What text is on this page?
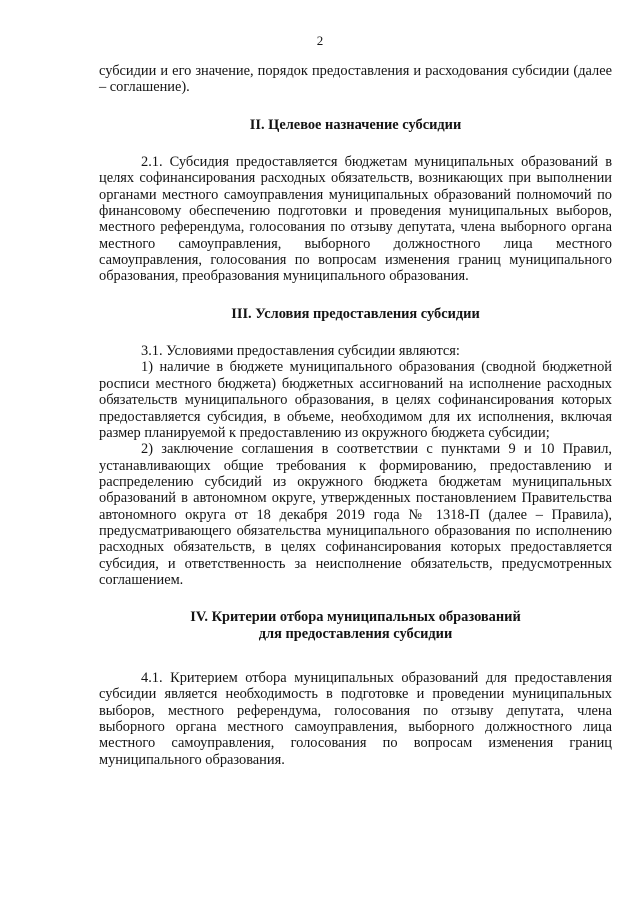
2

субсидии и его значение, порядок предоставления и расходования субсидии (далее – соглашение).

II. Целевое назначение субсидии

2.1. Субсидия предоставляется бюджетам муниципальных образований в целях софинансирования расходных обязательств, возникающих при выполнении органами местного самоуправления муниципальных образований полномочий по финансовому обеспечению подготовки и проведения муниципальных выборов, местного референдума, голосования по отзыву депутата, члена выборного органа местного самоуправления, выборного должностного лица местного самоуправления, голосования по вопросам изменения границ муниципального образования, преобразования муниципального образования.

III. Условия предоставления субсидии

3.1. Условиями предоставления субсидии являются:

1) наличие в бюджете муниципального образования (сводной бюджетной росписи местного бюджета) бюджетных ассигнований на исполнение расходных обязательств муниципального образования, в целях софинансирования которых предоставляется субсидия, в объеме, необходимом для их исполнения, включая размер планируемой к предоставлению из окружного бюджета субсидии;

2) заключение соглашения в соответствии с пунктами 9 и 10 Правил, устанавливающих общие требования к формированию, предоставлению и распределению субсидий из окружного бюджета бюджетам муниципальных образований в автономном округе, утвержденных постановлением Правительства автономного округа от 18 декабря 2019 года № 1318-П (далее – Правила), предусматривающего обязательства муниципального образования по исполнению расходных обязательств, в целях софинансирования которых предоставляется субсидия, и ответственность за неисполнение обязательств, предусмотренных соглашением.

IV. Критерии отбора муниципальных образований
для предоставления субсидии

4.1. Критерием отбора муниципальных образований для предоставления субсидии является необходимость в подготовке и проведении муниципальных выборов, местного референдума, голосования по отзыву депутата, члена выборного органа местного самоуправления, выборного должностного лица местного самоуправления, голосования по вопросам изменения границ муниципального образования.
